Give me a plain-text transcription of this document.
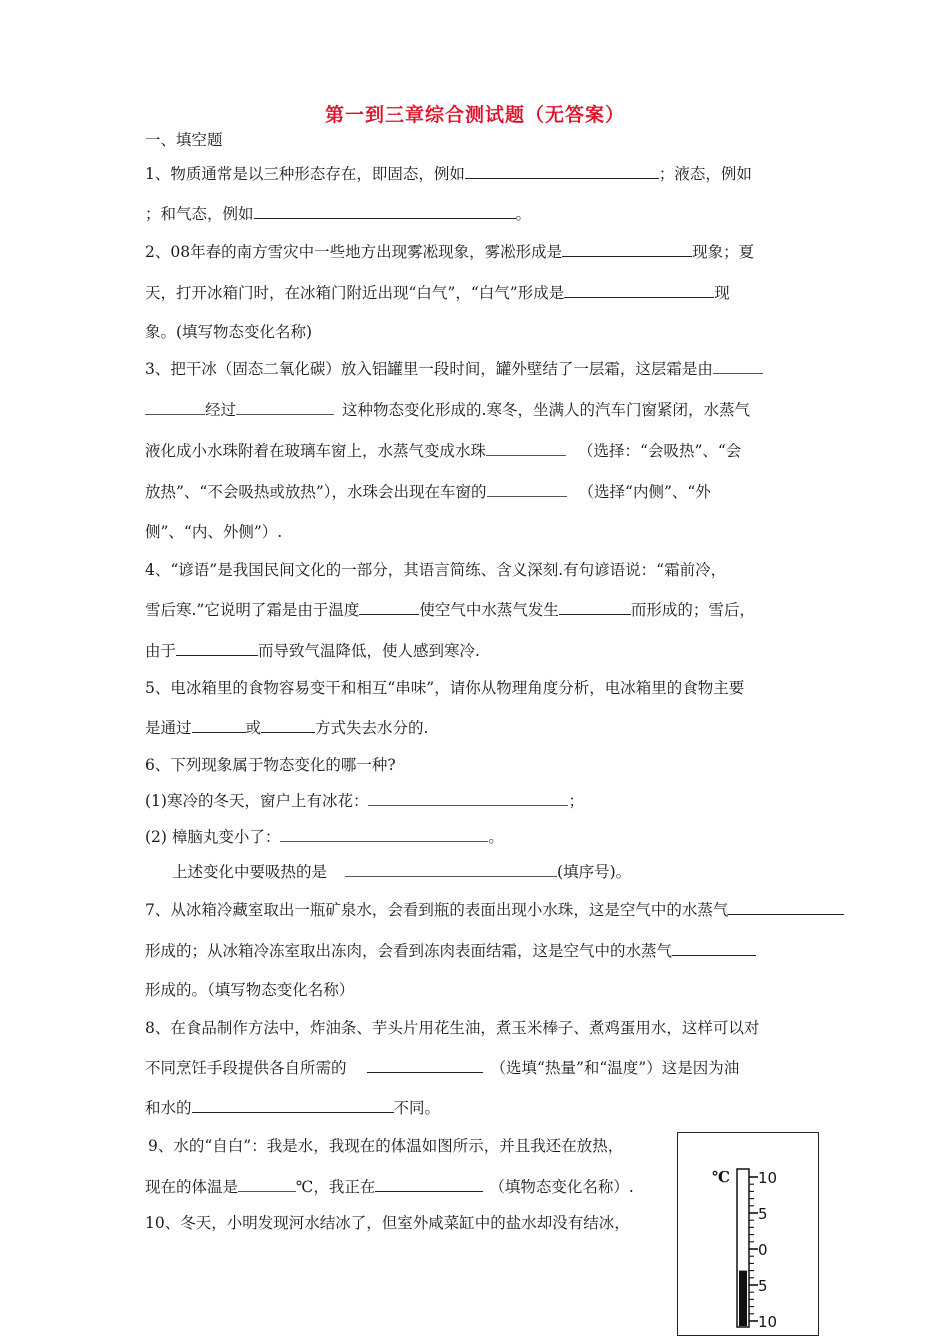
第一到三章综合测试题（无答案）
一、填空题
1、物质通常是以三种形态存在，即固态，例如	；液态，例如
；和气态，例如	。
2、08年春的南方雪灾中一些地方出现雾凇现象，雾凇形成是	现象；夏
天，打开冰箱门时，在冰箱门附近出现“白气”，“白气”形成是	现
象。(填写物态变化名称)
3、把干冰（固态二氧化碳）放入铝罐里一段时间，罐外壁结了一层霜，这层霜是由
经过	这种物态变化形成的.寒冬，坐满人的汽车门窗紧闭，水蒸气
液化成小水珠附着在玻璃车窗上，水蒸气变成水珠	（选择：“会吸热”、“会
放热”、“不会吸热或放热”），水珠会出现在车窗的	（选择“内侧”、“外
侧”、“内、外侧”）.
4、“谚语”是我国民间文化的一部分，其语言简练、含义深刻.有句谚语说：“霜前冷，
雪后寒.”它说明了霜是由于温度	使空气中水蒸气发生	而形成的；雪后，
由于	而导致气温降低，使人感到寒冷.
5、电冰箱里的食物容易变干和相互“串味”，请你从物理角度分析，电冰箱里的食物主要
是通过	或	方式失去水分的.
6、下列现象属于物态变化的哪一种?
(1)寒冷的冬天，窗户上有冰花：	；
(2) 樟脑丸变小了：	。
上述变化中要吸热的是	(填序号)。
7、从冰箱冷藏室取出一瓶矿泉水，会看到瓶的表面出现小水珠，这是空气中的水蒸气
形成的；从冰箱冷冻室取出冻肉，会看到冻肉表面结霜，这是空气中的水蒸气
形成的。（填写物态变化名称）
8、在食品制作方法中，炸油条、芋头片用花生油，煮玉米棒子、煮鸡蛋用水，这样可以对
不同烹饪手段提供各自所需的	（选填“热量”和“温度”）这是因为油
和水的	不同。
9、水的“自白”：我是水，我现在的体温如图所示，并且我还在放热，
现在的体温是	℃，我正在	（填物态变化名称）.
10、冬天，小明发现河水结冰了，但室外咸菜缸中的盐水却没有结冰，
℃ 10
5
0
5
10
